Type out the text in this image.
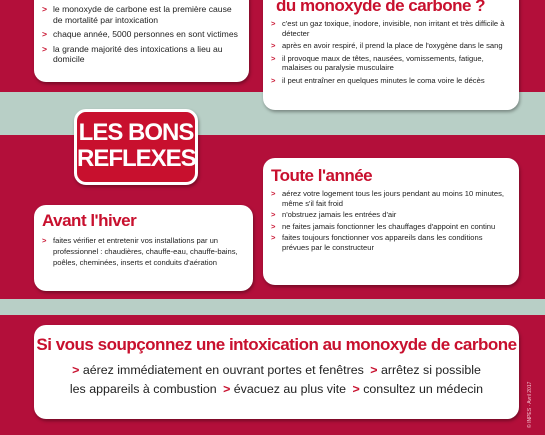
> le monoxyde de carbone est la première cause de mortalité par intoxication
> chaque année, 5000 personnes en sont victimes
> la grande majorité des intoxications a lieu au domicile
du monoxyde de carbone ?
> c'est un gaz toxique, inodore, invisible, non irritant et très difficile à détecter
> après en avoir respiré, il prend la place de l'oxygène dans le sang
> il provoque maux de têtes, nausées, vomissements, fatigue, malaises ou paralysie musculaire
> il peut entraîner en quelques minutes le coma voire le décès
LES BONS
REFLEXES
Avant l'hiver
> faites vérifier et entretenir vos installations par un professionnel : chaudières, chauffe-eau, chauffe-bains, poêles, cheminées, inserts et conduits d'aération
Toute l'année
> aérez votre logement tous les jours pendant au moins 10 minutes, même s'il fait froid
> n'obstruez jamais les entrées d'air
> ne faites jamais fonctionner les chauffages d'appoint en continu
> faites toujours fonctionner vos appareils dans les conditions prévues par le constructeur
Si vous soupçonnez une intoxication au monoxyde de carbone
> aérez immédiatement en ouvrant portes et fenêtres > arrêtez si possible
les appareils à combustion > évacuez au plus vite > consultez un médecin	© INPES · Avril 2017
